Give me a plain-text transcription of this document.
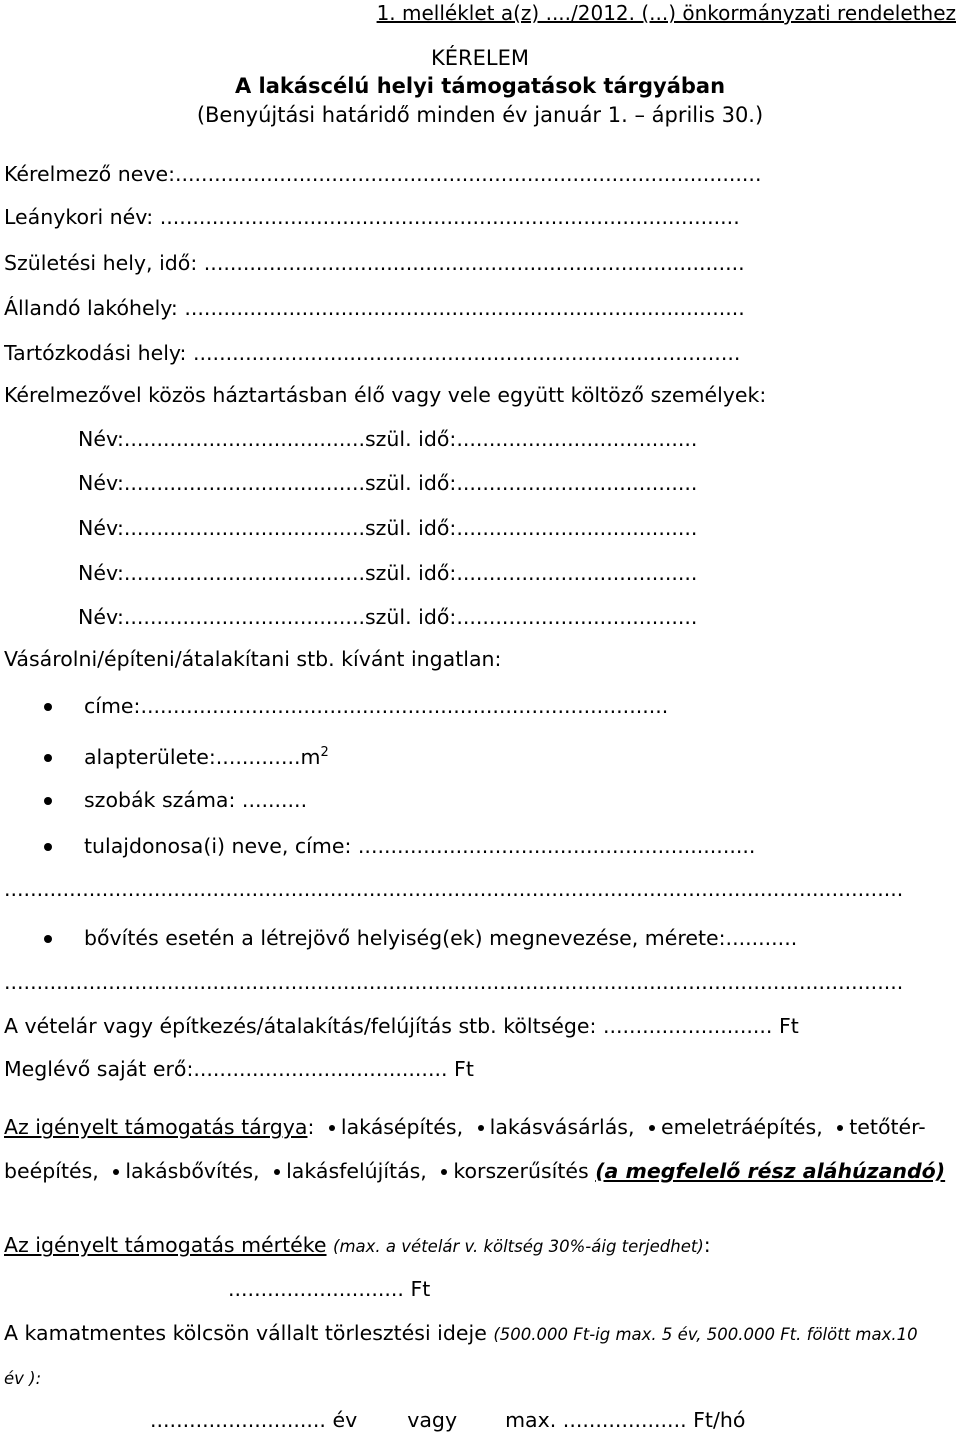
1. melléklet a(z) ..../2012. (...) önkormányzati rendelethez
KÉRELEM
A lakáscélú helyi támogatások tárgyában
(Benyújtási határidő minden év január 1. – április 30.)
Kérelmező neve:..........................................................................................
Leánykori név: .........................................................................................
Születési hely, idő: ...................................................................................
Állandó lakóhely: ......................................................................................
Tartózkodási hely: ....................................................................................
Kérelmezővel közös háztartásban élő vagy vele együtt költöző személyek:
Név:.....................................szül. idő:.....................................
Név:.....................................szül. idő:.....................................
Név:.....................................szül. idő:.....................................
Név:.....................................szül. idő:.....................................
Név:.....................................szül. idő:.....................................
Vásárolni/építeni/átalakítani stb. kívánt ingatlan:
címe:.................................................................................
$alapterülete:.............m^2$
szobák száma: ..........
tulajdonosa(i) neve, címe: .............................................................
..........................................................................................................................................
bővítés esetén a létrejövő helyiség(ek) megnevezése, mérete:...........
..........................................................................................................................................
A vételár vagy építkezés/átalakítás/felújítás stb. költsége: .......................... Ft
Meglévő saját erő:....................................... Ft
Az igényelt támogatás tárgya: lakásépítés, lakásvásárlás, emeletráépítés, tetőtér-
beépítés, lakásbővítés, lakásfelújítás, korszerűsítés (a megfelelő rész aláhúzandó)
Az igényelt támogatás mértéke (max. a vételár v. költség 30%-áig terjedhet):
........................... Ft
A kamatmentes kölcsön vállalt törlesztési ideje (500.000 Ft-ig max. 5 év, 500.000 Ft. fölött max.10
év ):
........................... év vagy max. ................... Ft/hó
